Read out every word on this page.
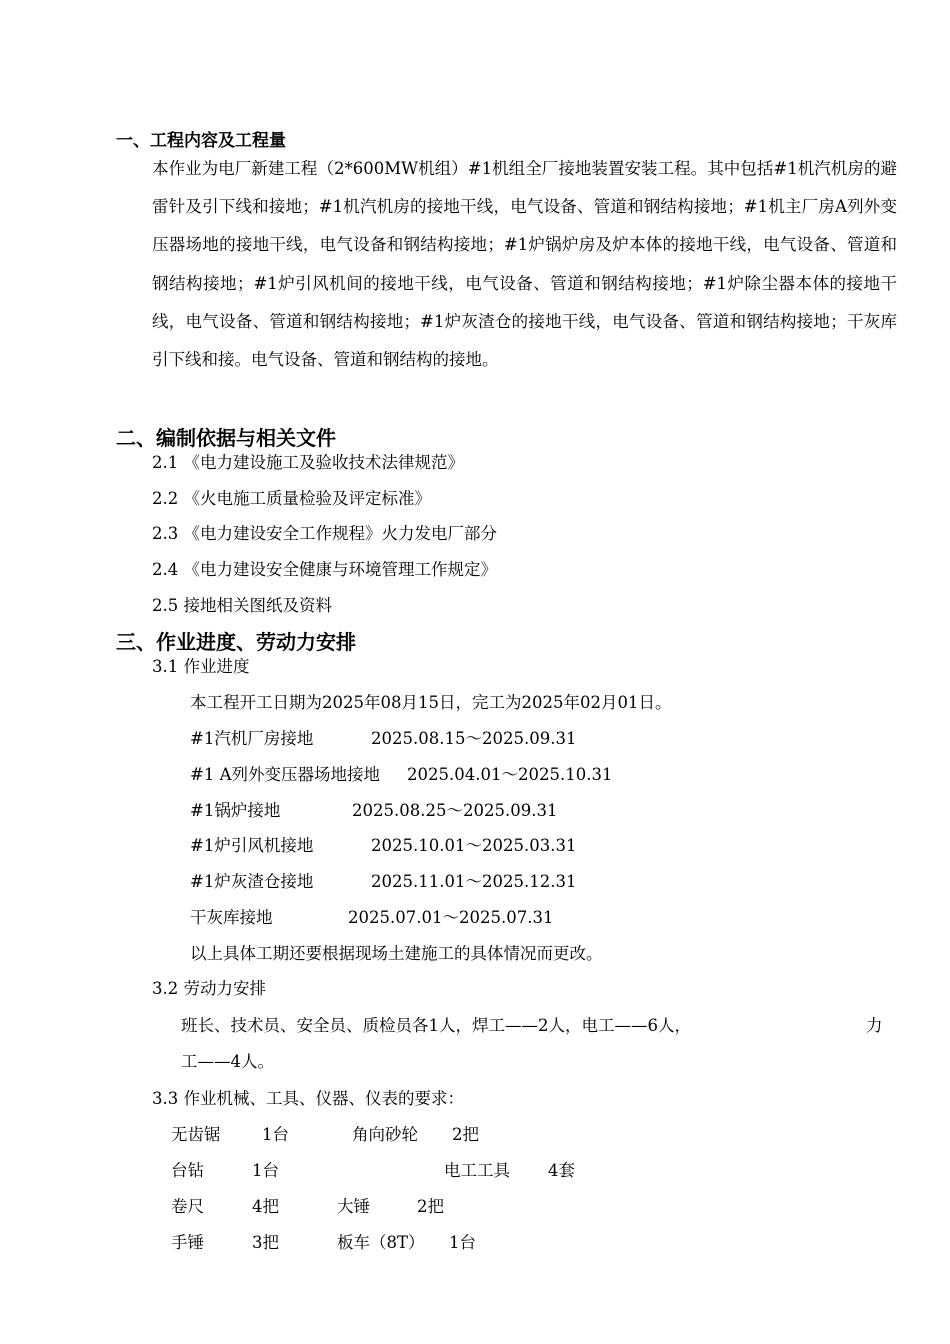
一、工程内容及工程量
本作业为电厂新建工程（2*600MW机组）#1机组全厂接地装置安装工程。其中包括#1机汽机房的避雷针及引下线和接地；#1机汽机房的接地干线，电气设备、管道和钢结构接地；#1机主厂房A列外变压器场地的接地干线，电气设备和钢结构接地；#1炉锅炉房及炉本体的接地干线，电气设备、管道和钢结构接地；#1炉引风机间的接地干线，电气设备、管道和钢结构接地；#1炉除尘器本体的接地干线，电气设备、管道和钢结构接地；#1炉灰渣仓的接地干线，电气设备、管道和钢结构接地；干灰库引下线和接。电气设备、管道和钢结构的接地。
二、编制依据与相关文件
2.1 《电力建设施工及验收技术法律规范》
2.2 《火电施工质量检验及评定标准》
2.3 《电力建设安全工作规程》火力发电厂部分
2.4 《电力建设安全健康与环境管理工作规定》
2.5 接地相关图纸及资料
三、作业进度、劳动力安排
3.1 作业进度
本工程开工日期为2025年08月15日，完工为2025年02月01日。
#1汽机厂房接地	2025.08.15～2025.09.31
#1 A列外变压器场地接地 2025.04.01～2025.10.31
#1锅炉接地	2025.08.25～2025.09.31
#1炉引风机接地	2025.10.01～2025.03.31
#1炉灰渣仓接地	2025.11.01～2025.12.31
干灰库接地	2025.07.01～2025.07.31
以上具体工期还要根据现场土建施工的具体情况而更改。
3.2 劳动力安排
班长、技术员、安全员、质检员各1人，焊工——2人，电工——6人，	力
工——4人。
3.3 作业机械、工具、仪器、仪表的要求：
无齿锯	1台	角向砂轮 2把
台钻	1台	电工工具 4套
卷尺	4把	大锤	2把
手锤	3把	板车（8T） 1台
